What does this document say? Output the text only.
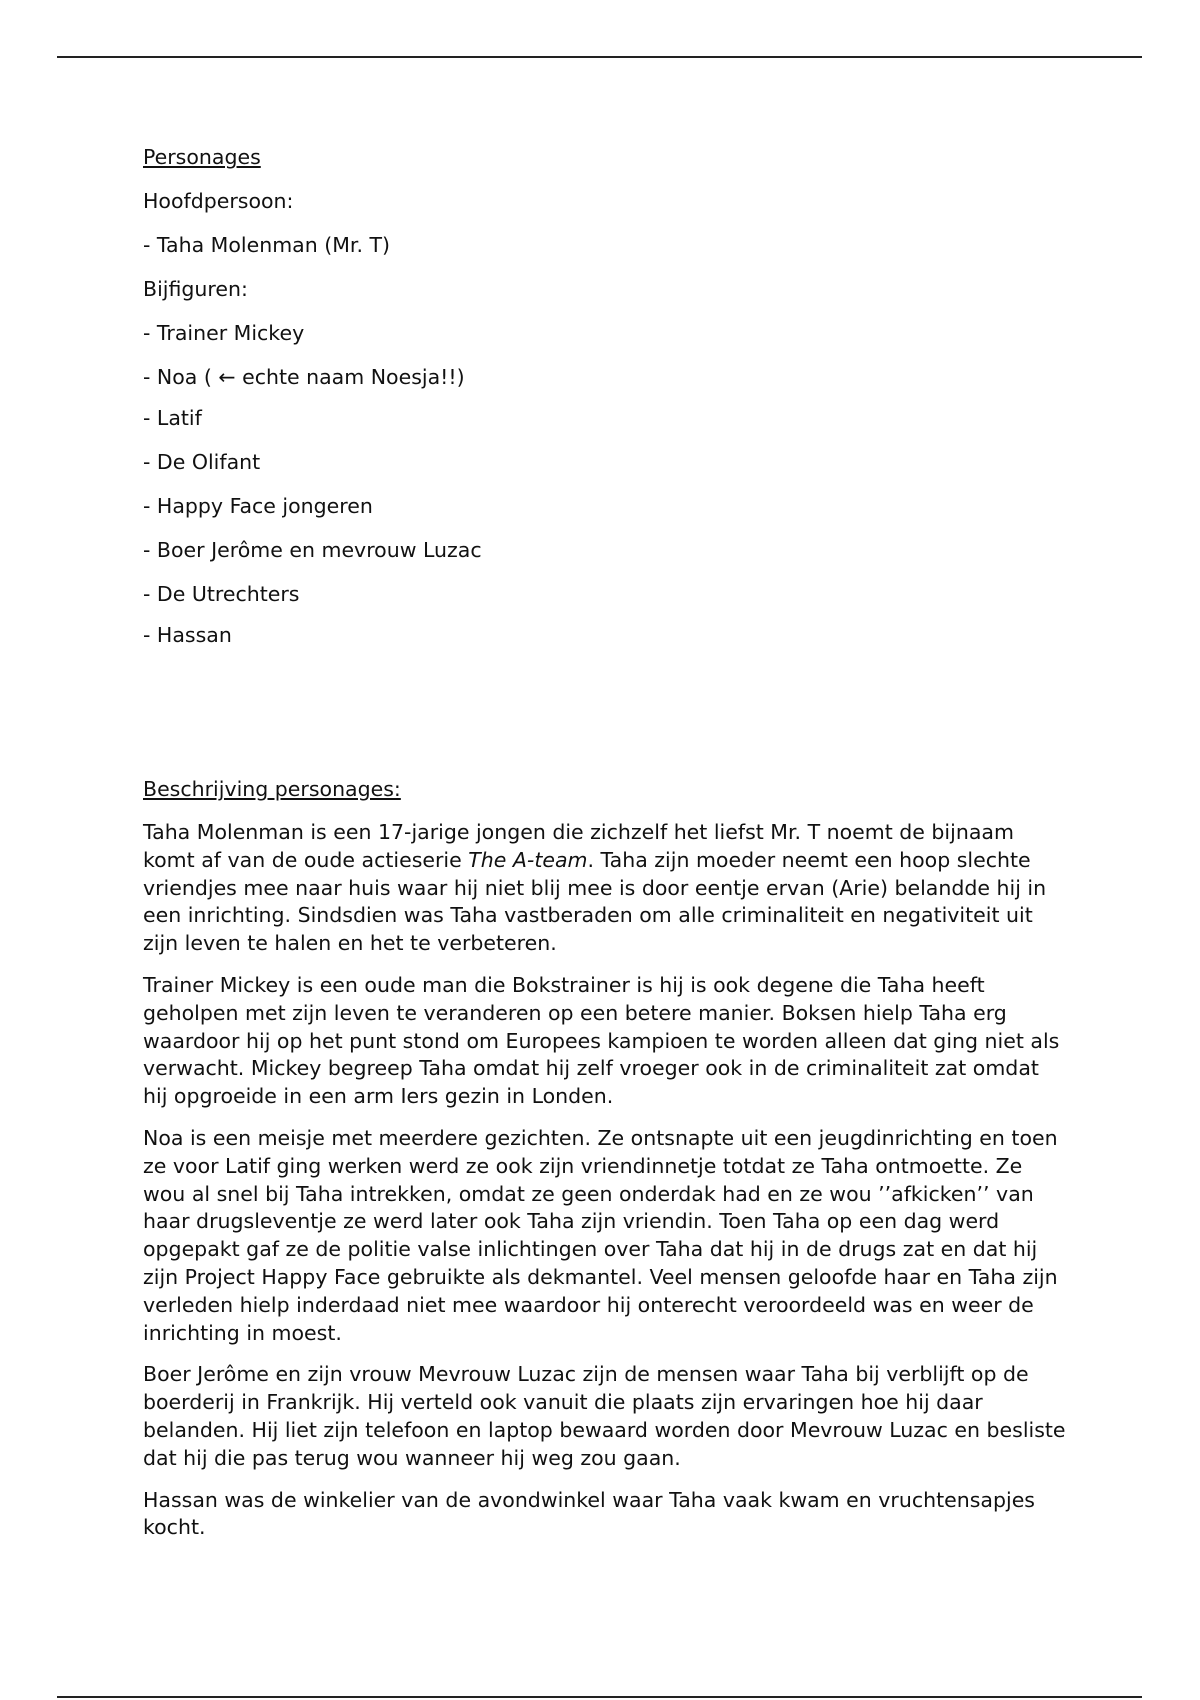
Personages
Hoofdpersoon:
- Taha Molenman (Mr. T)
Bijfiguren:
- Trainer Mickey
- Noa ( ← echte naam Noesja!!)
- Latif
- De Olifant
- Happy Face jongeren
- Boer Jerôme en mevrouw Luzac
- De Utrechters
- Hassan
Beschrijving personages:

Taha Molenman is een 17-jarige jongen die zichzelf het liefst Mr. T noemt de bijnaam komt af van de oude actieserie The A-team. Taha zijn moeder neemt een hoop slechte vriendjes mee naar huis waar hij niet blij mee is door eentje ervan (Arie) belandde hij in een inrichting. Sindsdien was Taha vastberaden om alle criminaliteit en negativiteit uit zijn leven te halen en het te verbeteren.

Trainer Mickey is een oude man die Bokstrainer is hij is ook degene die Taha heeft geholpen met zijn leven te veranderen op een betere manier. Boksen hielp Taha erg waardoor hij op het punt stond om Europees kampioen te worden alleen dat ging niet als verwacht. Mickey begreep Taha omdat hij zelf vroeger ook in de criminaliteit zat omdat hij opgroeide in een arm Iers gezin in Londen.

Noa is een meisje met meerdere gezichten. Ze ontsnapte uit een jeugdinrichting en toen ze voor Latif ging werken werd ze ook zijn vriendinnetje totdat ze Taha ontmoette. Ze wou al snel bij Taha intrekken, omdat ze geen onderdak had en ze wou ’’afkicken’’ van haar drugsleventje ze werd later ook Taha zijn vriendin. Toen Taha op een dag werd opgepakt gaf ze de politie valse inlichtingen over Taha dat hij in de drugs zat en dat hij zijn Project Happy Face gebruikte als dekmantel. Veel mensen geloofde haar en Taha zijn verleden hielp inderdaad niet mee waardoor hij onterecht veroordeeld was en weer de inrichting in moest.

Boer Jerôme en zijn vrouw Mevrouw Luzac zijn de mensen waar Taha bij verblijft op de boerderij in Frankrijk. Hij verteld ook vanuit die plaats zijn ervaringen hoe hij daar belanden. Hij liet zijn telefoon en laptop bewaard worden door Mevrouw Luzac en besliste dat hij die pas terug wou wanneer hij weg zou gaan.

Hassan was de winkelier van de avondwinkel waar Taha vaak kwam en vruchtensapjes kocht.
